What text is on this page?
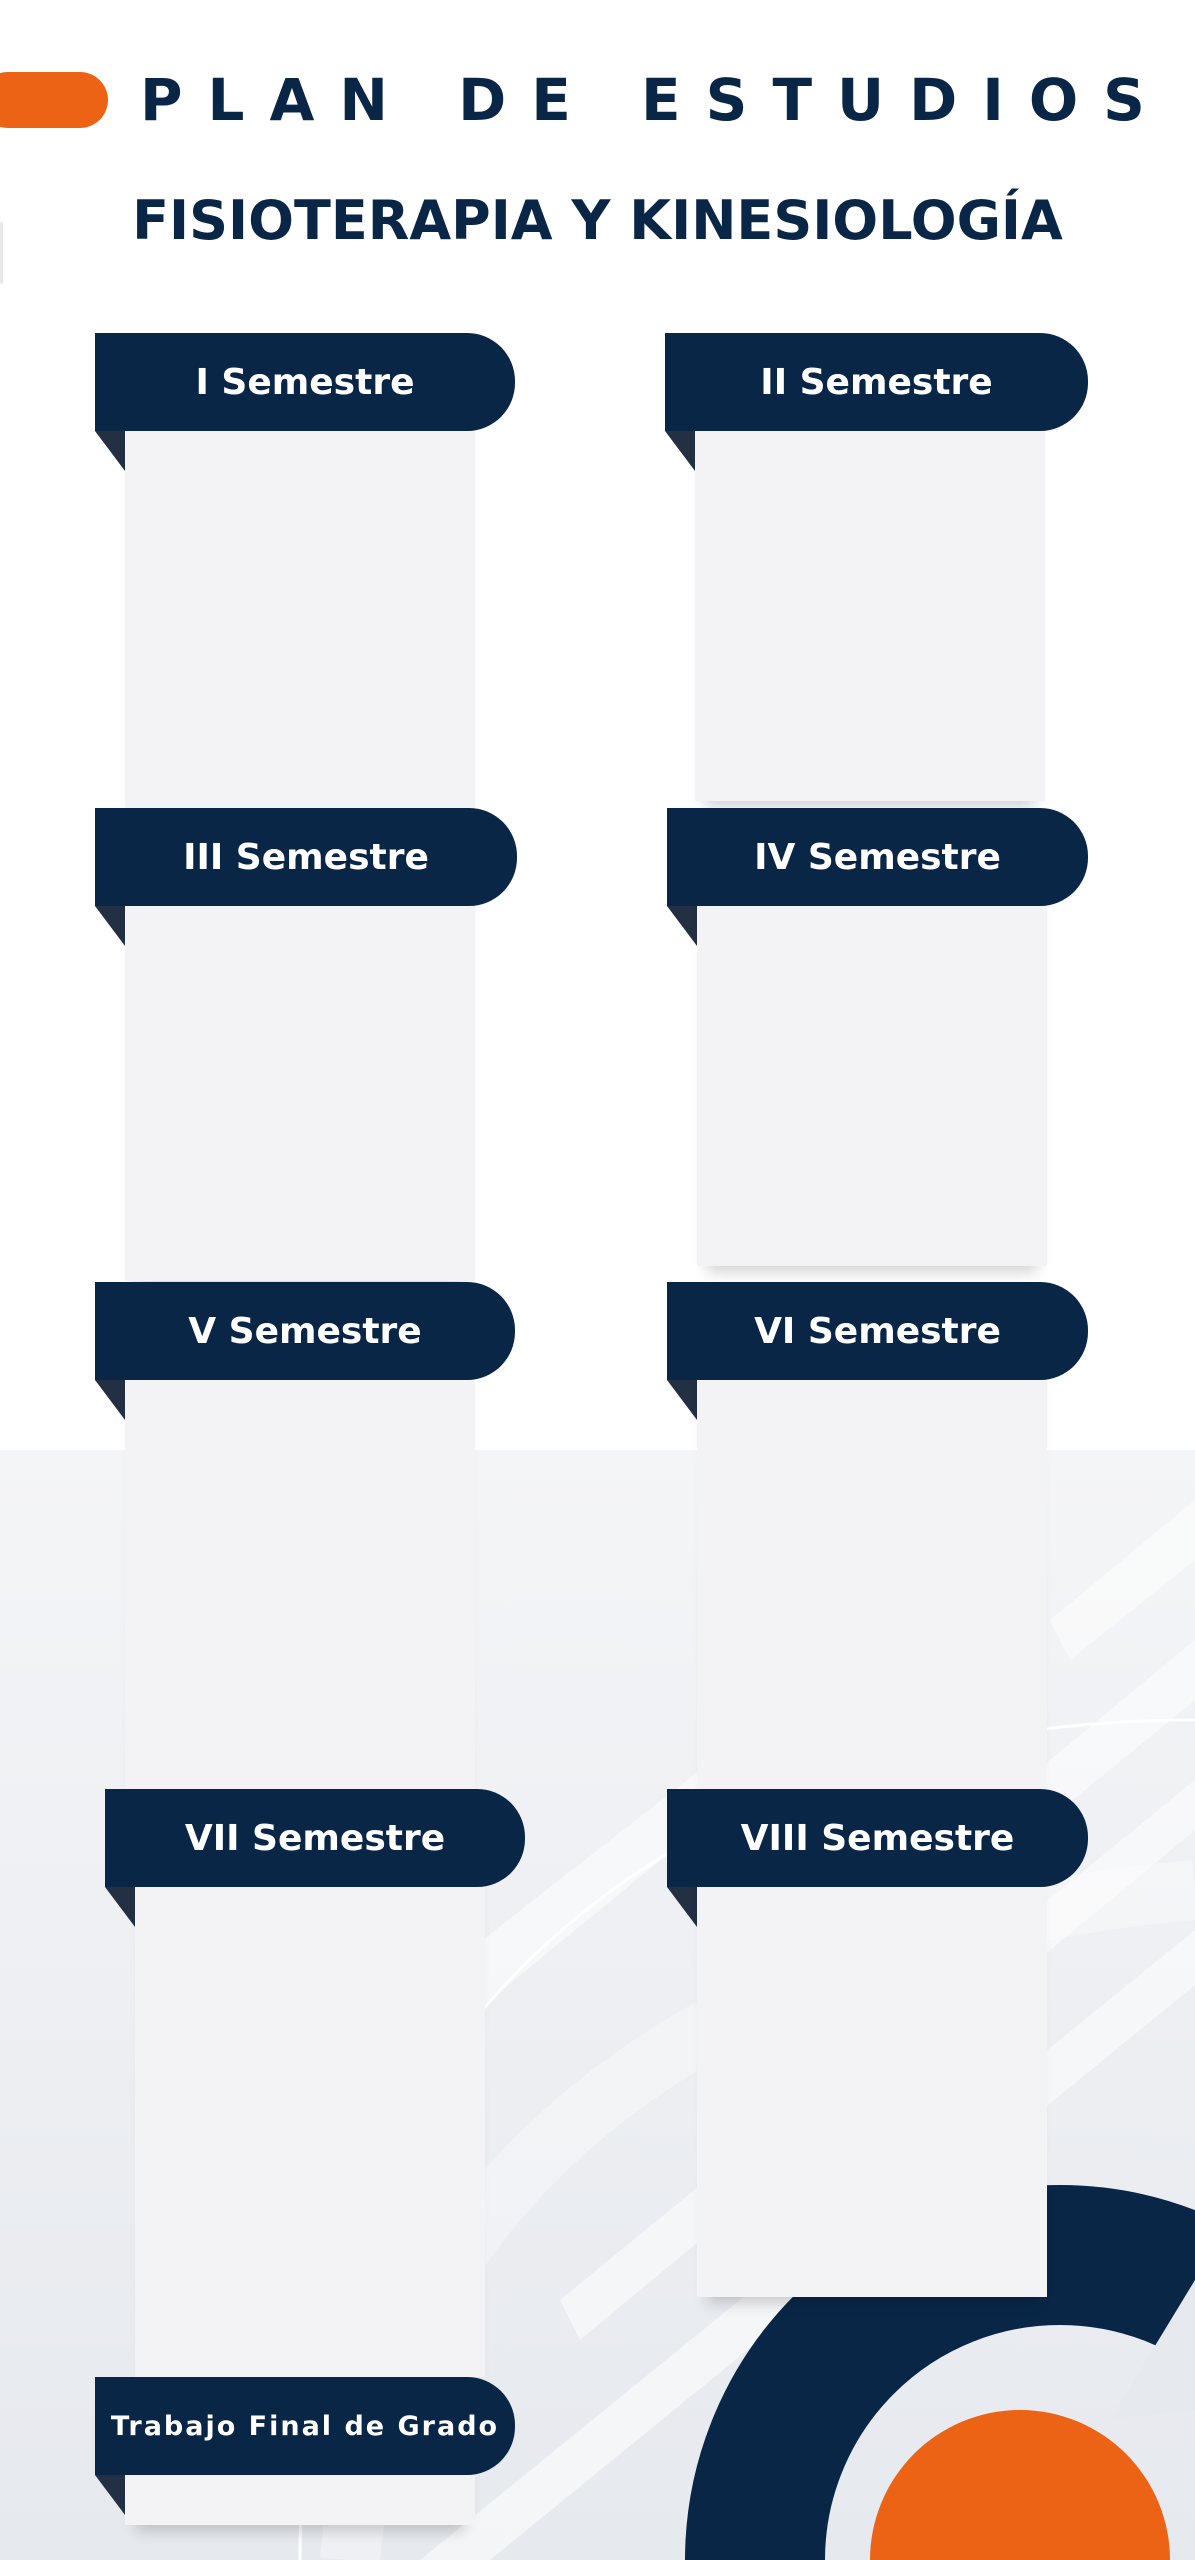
PLAN DE ESTUDIOS
FISIOTERAPIA Y KINESIOLOGÍA
I Semestre	II Semestre
III Semestre	IV Semestre
V Semestre	VI Semestre
VII Semestre	VIII Semestre
Trabajo Final de Grado
